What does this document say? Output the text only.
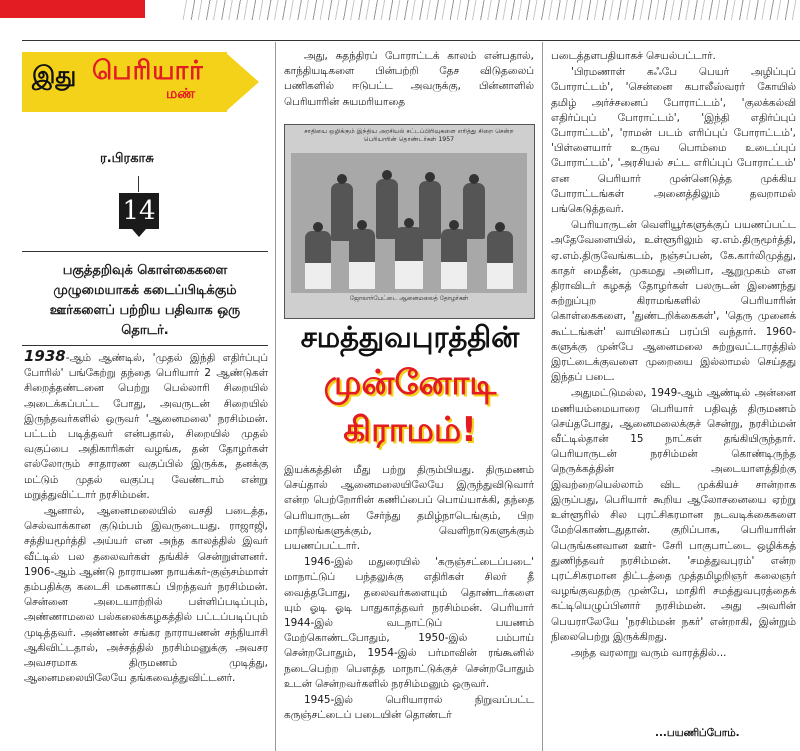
இது பெரியார்
மண்
ர.பிரகாசு
14
பகுத்தறிவுக் கொள்கைகளை முழுமையாகக் கடைப்பிடிக்கும் ஊர்களைப் பற்றிய பதிவாக ஒரு தொடர்.

1938-ஆம் ஆண்டில், 'முதல் இந்தி எதிர்ப்புப் போரில்' பங்கேற்று தந்தை பெரியார் 2 ஆண்டுகள் சிறைத்தண்டனை பெற்று பெல்லாரி சிறையில் அடைக்கப்பட்ட போது, அவருடன் சிறையில் இருந்தவர்களில் ஒருவர் 'ஆனைமலை' நரசிம்மன். பட்டம் படித்தவர் என்பதால், சிறையில் முதல் வகுப்பை அதிகாரிகள் வழங்க, தன் தோழர்கள் எல்லோரும் சாதாரண வகுப்பில் இருக்க, தனக்கு மட்டும் முதல் வகுப்பு வேண்டாம் என்று மறுத்துவிட்டார் நரசிம்மன்.

ஆனால், ஆனைமலையில் வசதி படைத்த, செல்வாக்கான குடும்பம் இவருடையது. ராஜாஜி, சத்தியமூர்த்தி அய்யர் என அந்த காலத்தில் இவர் வீட்டில் பல தலைவர்கள் தங்கிச் சென்றுள்ளனர். 1906-ஆம் ஆண்டு நாராயண நாயக்கர்-குஞ்சம்மாள் தம்பதிக்கு கடைசி மகனாகப் பிறந்தவர் நரசிம்மன். சென்னை அடையாற்றில் பள்ளிப்படிப்பும், அண்ணாமலை பல்கலைக்கழகத்தில் பட்டப்படிப்பும் முடித்தவர். அண்ணன் சங்கர நாராயணன் சந்நியாசி ஆகிவிட்டதால், அச்சத்தில் நரசிம்மனுக்கு அவசர அவசரமாக திருமணம் முடித்து, ஆனைமலையிலேயே தங்கவைத்துவிட்டனர்.

அது, சுதந்திரப் போராட்டக் காலம் என்பதால், காந்தியடிகளை பின்பற்றி தேச விடுதலைப் பணிகளில் ஈடுபட்ட அவருக்கு, பின்னாளில் பெரியாரின் சுயமரியாதை

சாதியை ஒழிக்கும் இந்திய அரசியல் சட்டப்பிரிவுகளை எரித்து சிறை சென்ற பெரியாரின் தொண்டர்கள் 1957
ஜோலார்பேட்டை ஆனைமலைத் தோழர்கள்
சமத்துவபுரத்தின்
முன்னோடி
கிராமம்!

இயக்கத்தின் மீது பற்று திரும்பியது. திருமணம் செய்தால் ஆனைமலையிலேயே இருந்துவிடுவார் என்ற பெற்றோரின் கணிப்பைப் பொய்யாக்கி, தந்தை பெரியாருடன் சேர்ந்து தமிழ்நாடெங்கும், பிற மாநிலங்களுக்கும், வெளிநாடுகளுக்கும் பயணப்பட்டார்.

1946-இல் மதுரையில் 'கருஞ்சட்டைப்படை' மாநாட்டுப் பந்தலுக்கு எதிரிகள் சிலர் தீ வைத்தபோது, தலைவர்களையும் தொண்டர்களை யும் ஓடி ஓடி பாதுகாத்தவர் நரசிம்மன். பெரியார் 1944-இல் வடநாட்டுப் பயணம் மேற்கொண்டபோதும், 1950-இல் பம்பாய் சென்றபோதும், 1954-இல் பர்மாவின் ரங்கூனில் நடைபெற்ற பௌத்த மாநாட்டுக்குச் சென்றபோதும் உடன் சென்றவர்களில் நரசிம்மனும் ஒருவர்.

1945-இல் பெரியாரால் நிறுவப்பட்ட கருஞ்சட்டைப் படையின் தொண்டர்

படைத்தளபதியாகச் செயல்பட்டார்.

'பிரமணாள் கஃபே பெயர் அழிப்புப் போராட்டம்', 'சென்னை கபாலீஸ்வரர் கோயில் தமிழ் அர்ச்சனைப் போராட்டம்', 'குலக்கல்வி எதிர்ப்புப் போராட்டம்', 'இந்தி எதிர்ப்புப் போராட்டம்', 'ராமன் படம் எரிப்புப் போராட்டம்', 'பிள்ளையார் உருவ பொம்மை உடைப்புப் போராட்டம்', 'அரசியல் சட்ட எரிப்புப் போராட்டம்' என பெரியார் முன்னெடுத்த முக்கிய போராட்டங்கள் அனைத்திலும் தவறாமல் பங்கெடுத்தவர்.

பெரியாருடன் வெளியூர்களுக்குப் பயணப்பட்ட அதேவேளையில், உள்ளூரிலும் ஏ.எம்.திருமூர்த்தி, ஏ.எம்.திருவேங்கடம், நஞ்சப்பன், கே.கார்லிமுத்து, காதர் மைதீன், முகமது அனிபா, ஆறுமுகம் என திராவிடர் கழகத் தோழர்கள் பலருடன் இணைந்து சுற்றுப்புற கிராமங்களில் பெரியாரின் கொள்கைகளை, 'துண்டறிக்கைகள்', 'தெரு முனைக் கூட்டங்கள்' வாயிலாகப் பரப்பி வந்தார். 1960-களுக்கு முன்பே ஆனைமலை சுற்றுவட்டாரத்தில் இரட்டைக்குவளை முறையை இல்லாமல் செய்தது இந்தப் படை.

அதுமட்டுமல்ல, 1949-ஆம் ஆண்டில் அன்னை மணியம்மையாரை பெரியார் பதிவுத் திருமணம் செய்தபோது, ஆனைமலைக்குச் சென்று, நரசிம்மன் வீட்டில்தான் 15 நாட்கள் தங்கியிருந்தார். பெரியாருடன் நரசிம்மன் கொண்டிருந்த நெருக்கத்தின் அடையாளத்திற்கு இவற்றையெல்லாம் விட முக்கியச் சான்றாக இருப்பது, பெரியார் கூறிய ஆலோசனையை ஏற்று உள்ளூரில் சில புரட்சிகரமான நடவடிக்கைகளை மேற்கொண்டதுதான். குறிப்பாக, பெரியாரின் பெருங்கனவான ஊர்- சேரி பாகுபாட்டை ஒழிக்கத் துணிந்தவர் நரசிம்மன். 'சமத்துவபுரம்' என்ற புரட்சிகரமான திட்டத்தை முத்தமிழறிஞர் கலைஞர் வழங்குவதற்கு முன்பே, மாதிரி சமத்துவபுரத்தைக் கட்டியெழுப்பினார் நரசிம்மன். அது அவரின் பெயராலேயே 'நரசிம்மன் நகர்' என்றாகி, இன்றும் நிலைபெற்று இருக்கிறது.

அந்த வரலாறு வரும் வாரத்தில்...

...பயணிப்போம்.
